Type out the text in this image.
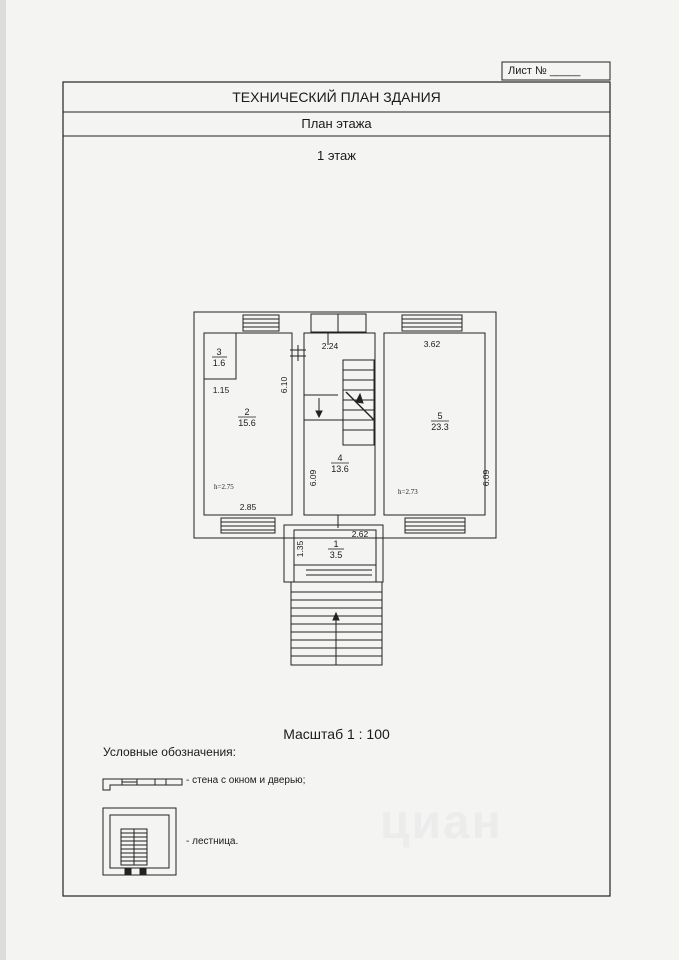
3
1.6
2
15.6
4
13.6
5
23.3
1
3.5
2.24	3.62
1.15
2.85
2.62
6.10
6.09	6.09
1.35
h=2.75
h=2.73
Лист № _____
ТЕХНИЧЕСКИЙ ПЛАН ЗДАНИЯ
План этажа
1 этаж
Масштаб 1 : 100
Условные обозначения:
- стена с окном и дверью;
- лестница.	циан
